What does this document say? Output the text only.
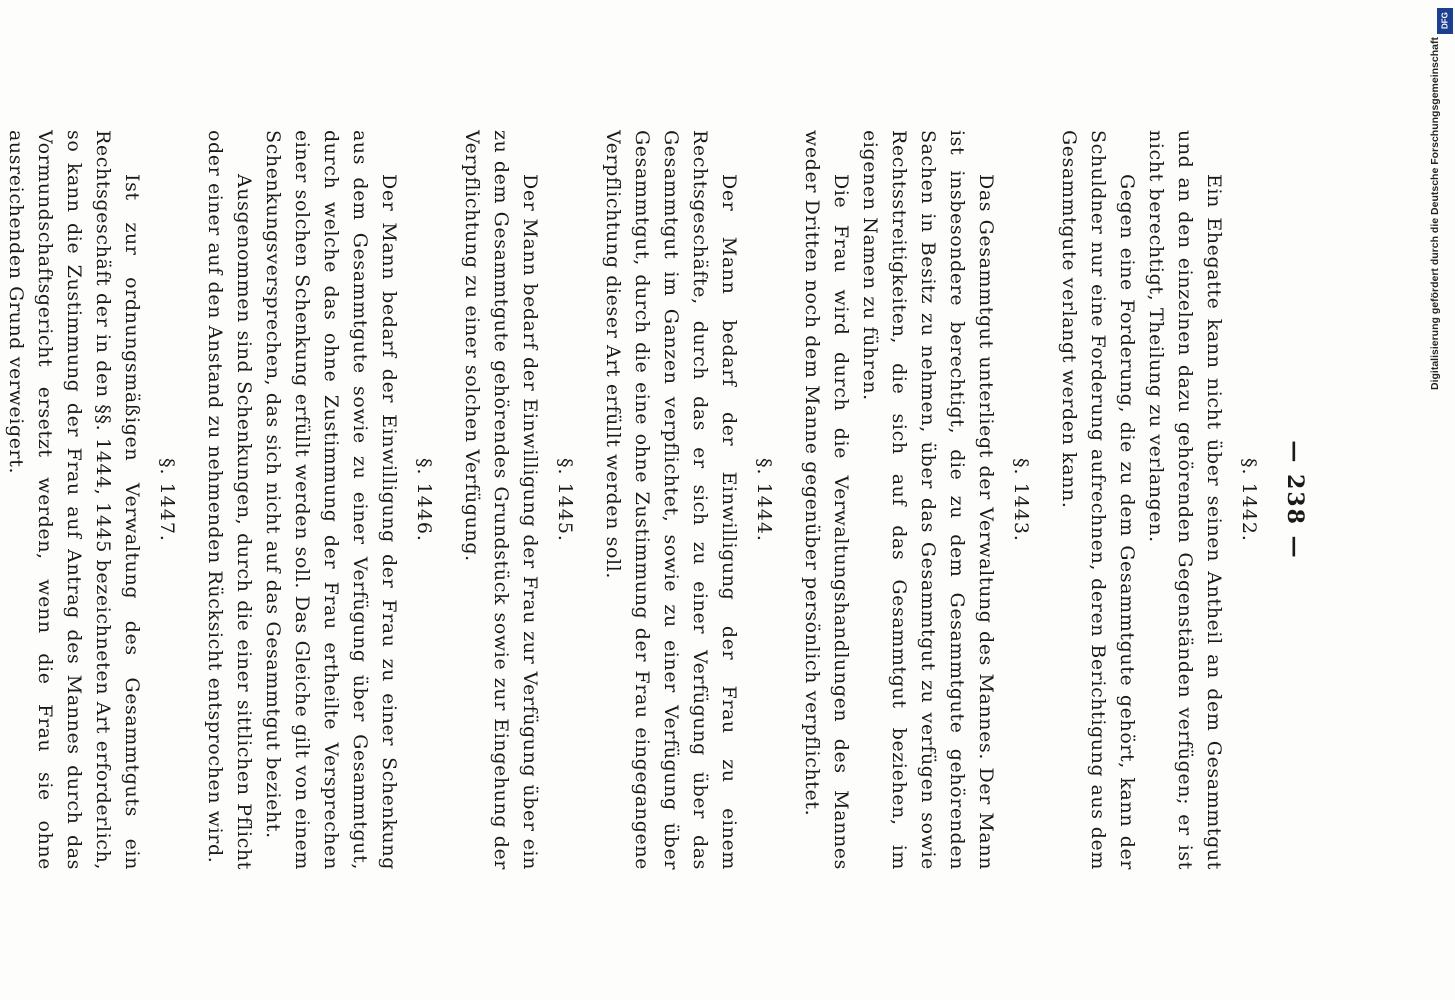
— 238 —
§. 1442.

Ein Ehegatte kann nicht über seinen Antheil an dem Gesammtgut und an den einzelnen dazu gehörenden Gegenständen verfügen; er ist nicht berechtigt, Theilung zu verlangen.

Gegen eine Forderung, die zu dem Gesammtgute gehört, kann der Schuldner nur eine Forderung aufrechnen, deren Berichtigung aus dem Gesammtgute verlangt werden kann.

§. 1443.

Das Gesammtgut unterliegt der Verwaltung des Mannes. Der Mann ist insbesondere berechtigt, die zu dem Gesammtgute gehörenden Sachen in Besitz zu nehmen, über das Gesammtgut zu verfügen sowie Rechtsstreitigkeiten, die sich auf das Gesammtgut beziehen, im eigenen Namen zu führen.

Die Frau wird durch die Verwaltungshandlungen des Mannes weder Dritten noch dem Manne gegenüber persönlich verpflichtet.

§. 1444.

Der Mann bedarf der Einwilligung der Frau zu einem Rechtsgeschäfte, durch das er sich zu einer Verfügung über das Gesammtgut im Ganzen verpflichtet, sowie zu einer Verfügung über Gesammtgut, durch die eine ohne Zustimmung der Frau eingegangene Verpflichtung dieser Art erfüllt werden soll.

§. 1445.

Der Mann bedarf der Einwilligung der Frau zur Verfügung über ein zu dem Gesammtgute gehörendes Grundstück sowie zur Eingehung der Verpflichtung zu einer solchen Verfügung.

§. 1446.

Der Mann bedarf der Einwilligung der Frau zu einer Schenkung aus dem Gesammtgute sowie zu einer Verfügung über Gesammtgut, durch welche das ohne Zustimmung der Frau ertheilte Versprechen einer solchen Schenkung erfüllt werden soll. Das Gleiche gilt von einem Schenkungsversprechen, das sich nicht auf das Gesammtgut bezieht.

Ausgenommen sind Schenkungen, durch die einer sittlichen Pflicht oder einer auf den Anstand zu nehmenden Rücksicht entsprochen wird.

§. 1447.

Ist zur ordnungsmäßigen Verwaltung des Gesammtguts ein Rechtsgeschäft der in den §§. 1444, 1445 bezeichneten Art erforderlich, so kann die Zustimmung der Frau auf Antrag des Mannes durch das Vormundschaftsgericht ersetzt werden, wenn die Frau sie ohne ausreichenden Grund verweigert.	Digitalisierung gefördert durch die Deutsche Forschungsgemeinschaft
DFG
